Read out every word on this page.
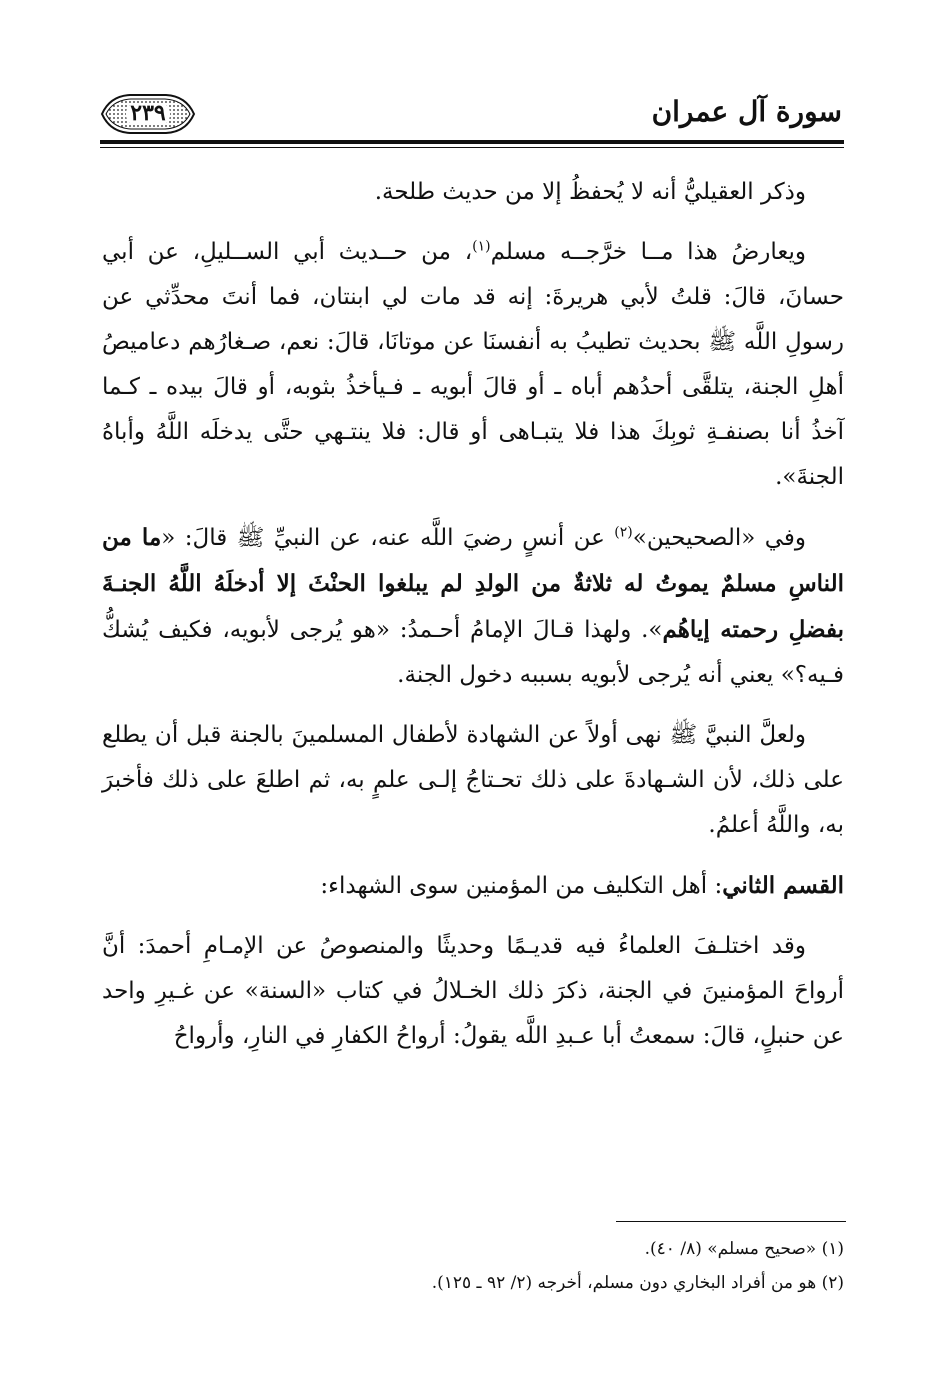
سورة آل عمران
٢٣٩

وذكر العقيليُّ أنه لا يُحفظُ إلا من حديث طلحة.

ويعارضُ هذا مــا خرَّجــه مسلم$^{(١)}$، من حــديث أبي الســليلِ، عن أبي حسانَ، قالَ: قلتُ لأبي هريرةَ: إنه قد مات لي ابنتان، فما أنتَ محدِّثي عن رسولِ اللَّه ﷺ بحديث تطيبُ به أنفسنَا عن موتانَا، قالَ: نعم، صـغارُهم دعاميصُ أهلِ الجنة، يتلقَّى أحدُهم أباه ـ أو قالَ أبويه ـ فـيأخذُ بثوبه، أو قالَ بيده ـ كـما آخذُ أنا بصنفـةِ ثوبِكَ هذا فلا يتبـاهى أو قال: فلا ينتـهي حتَّى يدخلَه اللَّهُ وأباهُ الجنةَ».

وفي «الصحيحين»$^{(٢)}$ عن أنسٍ رضيَ اللَّه عنه، عن النبيِّ ﷺ قالَ: «ما من الناسِ مسلمٌ يموتُ له ثلاثةٌ من الولدِ لم يبلغوا الحنْثَ إلا أدخلَهُ اللَّهُ الجنـةَ بفضلِ رحمته إياهُم». ولهذا قـالَ الإمامُ أحـمدُ: «هو يُرجى لأبويه، فكيف يُشكُّ فـيه؟» يعني أنه يُرجى لأبويه بسببه دخول الجنة.

ولعلَّ النبيَّ ﷺ نهى أولاً عن الشهادة لأطفال المسلمينَ بالجنة قبل أن يطلع على ذلك، لأن الشـهادةَ على ذلك تحـتاجُ إلـى علمٍ به، ثم اطلعَ على ذلك فأخبرَ به، واللَّهُ أعلمُ.

القسم الثاني: أهل التكليف من المؤمنين سوى الشهداء:

وقد اختلـفَ العلماءُ فيه قديـمًا وحديثًا والمنصوصُ عن الإمـامِ أحمدَ: أنَّ أرواحَ المؤمنينَ في الجنة، ذكرَ ذلك الخـلالُ في كتاب «السنة» عن غـيرِ واحد عن حنبلٍ، قالَ: سمعتُ أبا عـبدِ اللَّه يقولُ: أرواحُ الكفارِ في النارِ، وأرواحُ

(١) «صحيح مسلم» (٨/ ٤٠).
(٢) هو من أفراد البخاري دون مسلم، أخرجه (٢/ ٩٢ ـ ١٢٥).
